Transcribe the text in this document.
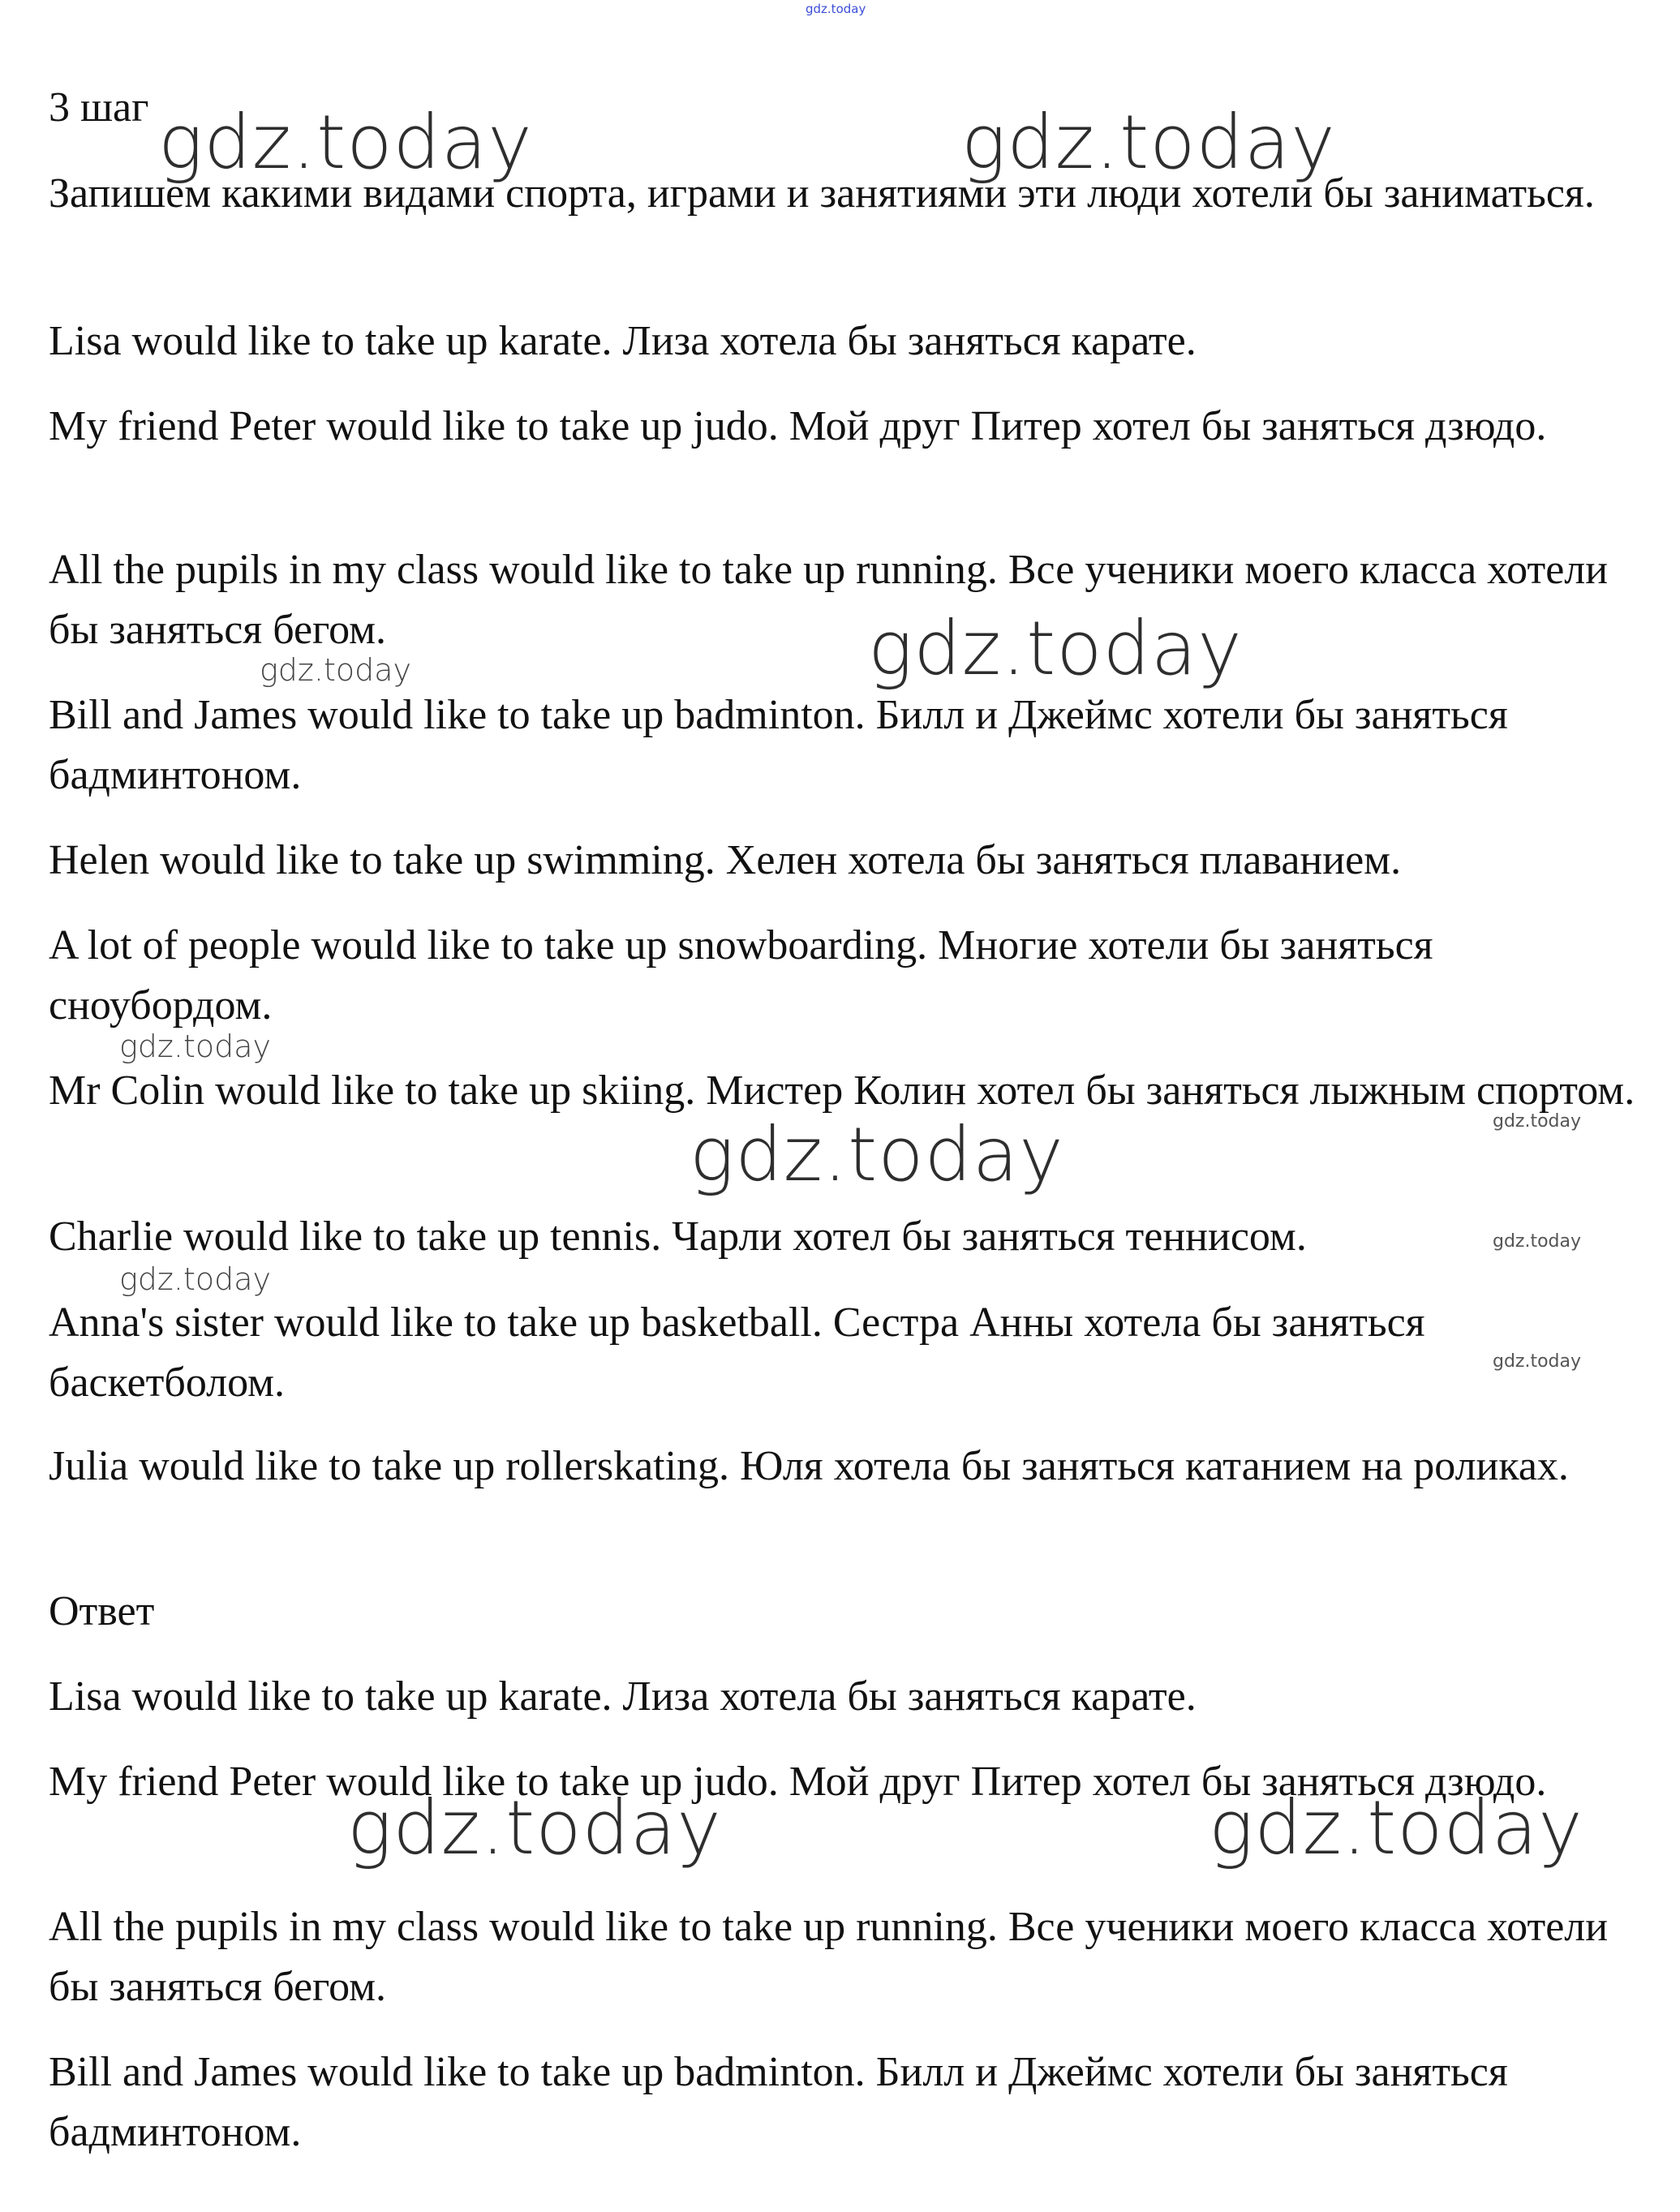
gdz.today

3 шаг

Запишем какими видами спорта, играми и занятиями эти люди хотели бы заниматься.

Lisa would like to take up karate. Лиза хотела бы заняться карате.

My friend Peter would like to take up judo. Мой друг Питер хотел бы заняться дзюдо.

All the pupils in my class would like to take up running. Все ученики моего класса хотели бы заняться бегом.

Bill and James would like to take up badminton. Билл и Джеймс хотели бы заняться бадминтоном.

Helen would like to take up swimming. Хелен хотела бы заняться плаванием.

A lot of people would like to take up snowboarding. Многие хотели бы заняться сноубордом.

Mr Colin would like to take up skiing. Мистер Колин хотел бы заняться лыжным спортом.

Charlie would like to take up tennis. Чарли хотел бы заняться теннисом.

Anna's sister would like to take up basketball. Сестра Анны хотела бы заняться баскетболом.

Julia would like to take up rollerskating. Юля хотела бы заняться катанием на роликах.

Ответ

Lisa would like to take up karate. Лиза хотела бы заняться карате.

My friend Peter would like to take up judo. Мой друг Питер хотел бы заняться дзюдо.

All the pupils in my class would like to take up running. Все ученики моего класса хотели бы заняться бегом.

Bill and James would like to take up badminton. Билл и Джеймс хотели бы заняться бадминтоном.

gdz.today	gdz.today
gdz.today
gdz.today
gdz.today	gdz.today
gdz.today
gdz.today
gdz.today
gdz.today
gdz.today
gdz.today
